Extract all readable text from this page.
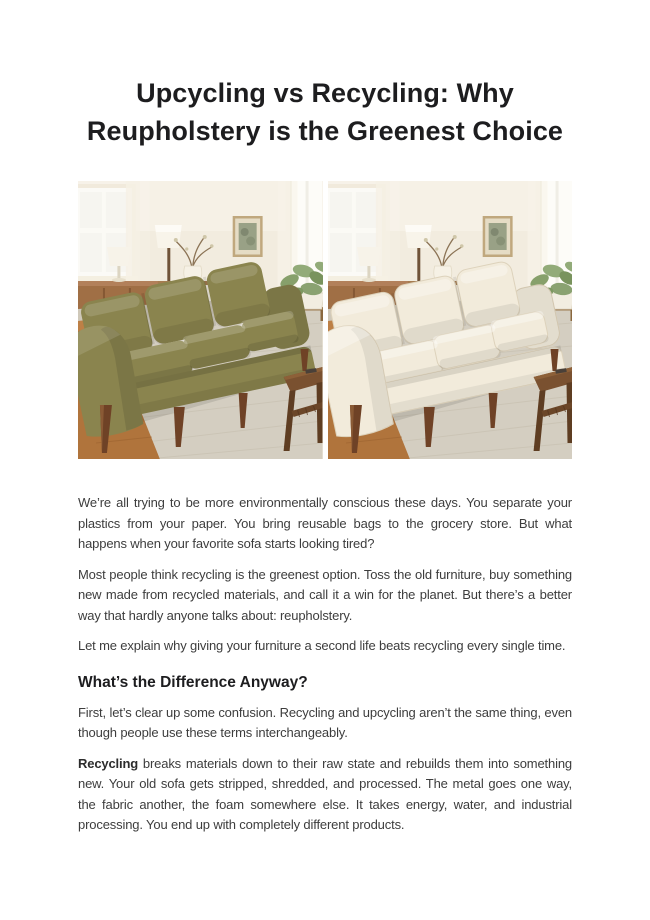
Upcycling vs Recycling: Why
Reupholstery is the Greenest Choice

We’re all trying to be more environmentally conscious these days. You separate your plastics from your paper. You bring reusable bags to the grocery store. But what happens when your favorite sofa starts looking tired?

Most people think recycling is the greenest option. Toss the old furniture, buy something new made from recycled materials, and call it a win for the planet. But there’s a better way that hardly anyone talks about: reupholstery.

Let me explain why giving your furniture a second life beats recycling every single time.

What’s the Difference Anyway?

First, let’s clear up some confusion. Recycling and upcycling aren’t the same thing, even though people use these terms interchangeably.

Recycling breaks materials down to their raw state and rebuilds them into something new. Your old sofa gets stripped, shredded, and processed. The metal goes one way, the fabric another, the foam somewhere else. It takes energy, water, and industrial processing. You end up with completely different products.
